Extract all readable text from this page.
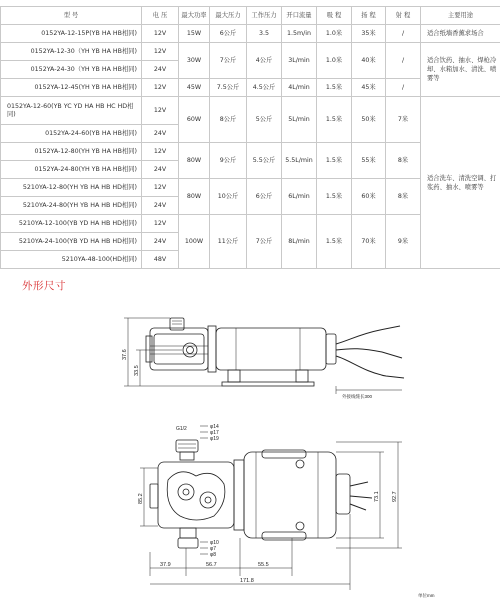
型 号	电 压	最大功率	最大压力	工作压力	开口流量	吸 程	扬 程	射 程	主要用途
0152YA-12-15P(YB HA HB相同)	12V	15W	6公斤	3.5	1.5m/in	1.0米	35米	/	适合纸墙香薰求场合
0152YA-12-30（YH YB HA HB相同)	12V	30W	7公斤	4公斤	3L/min	1.0米	40米	/	适合饮药、抽水、焊枪冷却、水箱加水、清洗、喷雾等
0152YA-24-30（YH YB HA HB相同)	24V								
0152YA-12-45(YH YB HA HB相同)	12V	45W	7.5公斤	4.5公斤	4L/min	1.5米	45米	/	
0152YA-12-60(YB YC YD HA HB HC HD相同)	12V	60W	8公斤	5公斤	5L/min	1.5米	50米	7米	适合洗车、清洗空调、打浆药、抽水、喷雾等
0152YA-24-60(YB HA HB相同)	24V								
0152YA-12-80(YH YB HA HB相同)	12V	80W	9公斤	5.5公斤	5.5L/min	1.5米	55米	8米	
0152YA-24-80(YH YB HA HB相同)	24V								
5210YA-12-80(YH YB HA HB HD相同)	12V	80W	10公斤	6公斤	6L/min	1.5米	60米	8米	
5210YA-24-80(YH YB HA HB HD相同)	24V								
5210YA-12-100(YB YD HA HB HD相同)	12V	100W	11公斤	7公斤	8L/min	1.5米	70米	9米	
5210YA-24-100(YB YD HA HB HD相同)	24V								
5210YA-48-100(HD相同)	48V								
外形尺寸
37.6
33.5
外接线缝长300
G1/2	φ14
φ17
φ19
φ10
φ7
φ8
85.2	73.1 92.7
37.9	56.7	55.5
171.8
单位mm
